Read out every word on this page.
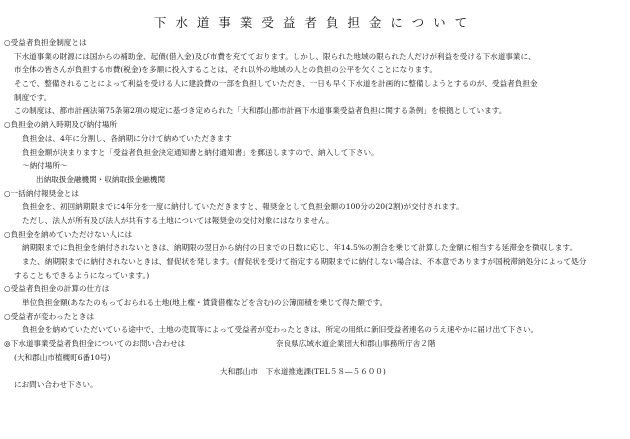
下水道事業受益者負担金について
○受益者負担金制度とは
下水道事業の財源には国からの補助金、起債(借入金)及び市費を充てております。しかし、限られた地域の限られた人だけが利益を受ける下水道事業に、
市全体の皆さんが負担する市費(税金)を多額に投入することは、それ以外の地域の人との負担の公平を欠くことになります。
そこで、整備されることによって利益を受ける人に建設費の一部を負担していただき、一日も早く下水道を計画的に整備しようとするのが、受益者負担金
制度です。
この制度は、都市計画法第75条第2項の規定に基づき定められた「大和郡山都市計画下水道事業受益者負担に関する条例」を根拠としています。
○負担金の納入時期及び納付場所
負担金は、4年に分割し、各納期に分けて納めていただきます
負担金額が決まりますと「受益者負担金決定通知書と納付通知書」を郵送しますので、納入して下さい。
～納付場所～
出納取扱金融機関・収納取扱金融機関
○一括納付報奨金とは
負担金を、初回納期限までに4年分を一度に納付していただきますと、報奨金として負担金額の100分の20(2割)が交付されます。
ただし、法人が所有及び法人が共有する土地については報奨金の交付対象にはなりません。
○負担金を納めていただけない人には
納期限までに負担金を納付されないときは、納期限の翌日から納付の日までの日数に応じ、年14.5%の割合を乗じて計算した金額に相当する延滞金を徴収します。
また、納期限までに納付されないときは、督促状を発します。(督促状を受けて指定する期限までに納付しない場合は、不本意でありますが国税滞納処分によって処分
することもできるようになっています。)
○受益者負担金の計算の仕方は
単位負担金額(あなたのもっておられる土地(地上権・賃貸借権などを含む)の公簿面積を乗じて得た額です。
○受益者が変わったときは
負担金を納めていただいている途中で、土地の売買等によって受益者が変わったときは、所定の用紙に新旧受益者連名のうえ速やかに届け出て下さい。
◎下水道事業受益者負担金についてのお問い合わせは	奈良県広域水道企業団大和郡山事務所庁舎２階
(大和郡山市植槻町6番10号)
大和郡山市　下水道推進課(TEL５８―５６００)
にお問い合わせ下さい。
